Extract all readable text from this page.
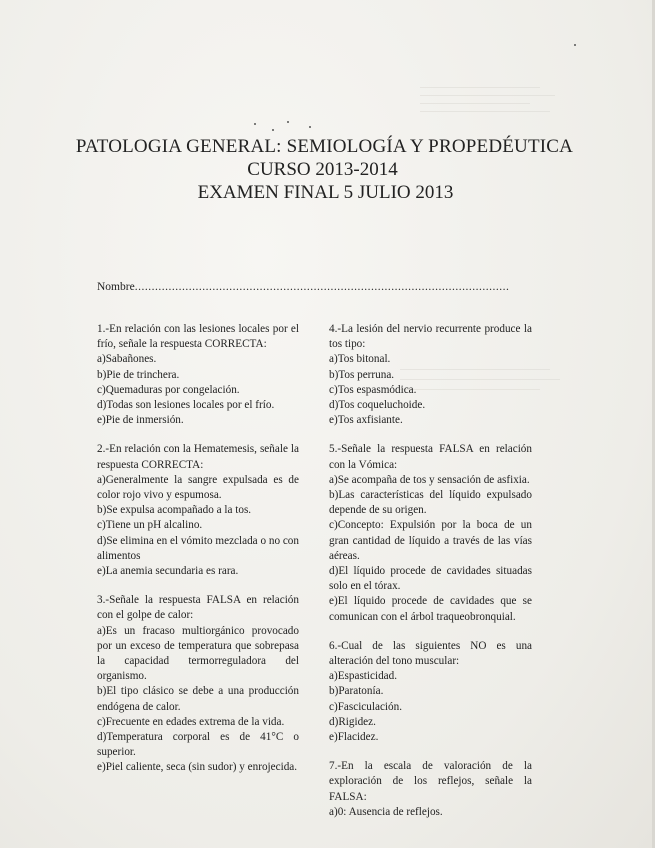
PATOLOGIA GENERAL: SEMIOLOGÍA Y PROPEDÉUTICA
CURSO 2013-2014
EXAMEN FINAL 5 JULIO 2013
Nombre...............................................................................................................
1.-En relación con las lesiones locales por el frío, señale la respuesta CORRECTA:
a)Sabañones.
b)Pie de trinchera.
c)Quemaduras por congelación.
d)Todas son lesiones locales por el frío.
e)Pie de inmersión.
2.-En relación con la Hematemesis, señale la respuesta CORRECTA:
a)Generalmente la sangre expulsada es de color rojo vivo y espumosa.
b)Se expulsa acompañado a la tos.
c)Tiene un pH alcalino.
d)Se elimina en el vómito mezclada o no con alimentos
e)La anemia secundaria es rara.
3.-Señale la respuesta FALSA en relación con el golpe de calor:
a)Es un fracaso multiorgánico provocado por un exceso de temperatura que sobrepasa la capacidad termorreguladora del organismo.
b)El tipo clásico se debe a una producción endógena de calor.
c)Frecuente en edades extrema de la vida.
d)Temperatura corporal es de 41°C o superior.
e)Piel caliente, seca (sin sudor) y enrojecida.
4.-La lesión del nervio recurrente produce la tos tipo:
a)Tos bitonal.
b)Tos perruna.
c)Tos espasmódica.
d)Tos coqueluchoide.
e)Tos axfisiante.
5.-Señale la respuesta FALSA en relación con la Vómica:
a)Se acompaña de tos y sensación de asfixia.
b)Las características del líquido expulsado depende de su origen.
c)Concepto: Expulsión por la boca de un gran cantidad de líquido a través de las vías aéreas.
d)El líquido procede de cavidades situadas solo en el tórax.
e)El líquido procede de cavidades que se comunican con el árbol traqueobronquial.
6.-Cual de las siguientes NO es una alteración del tono muscular:
a)Espasticidad.
b)Paratonía.
c)Fasciculación.
d)Rigidez.
e)Flacidez.
7.-En la escala de valoración de la exploración de los reflejos, señale la FALSA:
a)0: Ausencia de reflejos.
